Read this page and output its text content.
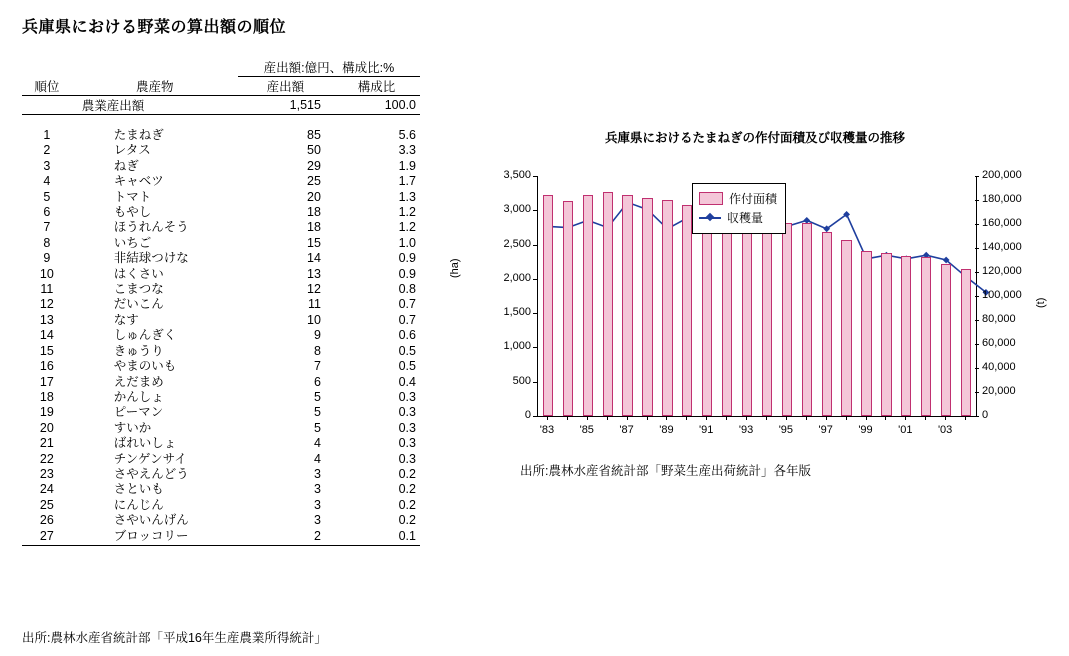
兵庫県における野菜の算出額の順位
		産出額:億円、構成比:%	
順位	農産物	産出額	構成比
	農業産出額	1,515	100.0

1	たまねぎ	85	5.6
2	レタス	50	3.3
3	ねぎ	29	1.9
4	キャベツ	25	1.7
5	トマト	20	1.3
6	もやし	18	1.2
7	ほうれんそう	18	1.2
8	いちご	15	1.0
9	非結球つけな	14	0.9
10	はくさい	13	0.9
11	こまつな	12	0.8
12	だいこん	11	0.7
13	なす	10	0.7
14	しゅんぎく	9	0.6
15	きゅうり	8	0.5
16	やまのいも	7	0.5
17	えだまめ	6	0.4
18	かんしょ	5	0.3
19	ピーマン	5	0.3
20	すいか	5	0.3
21	ばれいしょ	4	0.3
22	チンゲンサイ	4	0.3
23	さやえんどう	3	0.2
24	さといも	3	0.2
25	にんじん	3	0.2
26	さやいんげん	3	0.2
27	ブロッコリー	2	0.1
出所:農林水産省統計部「平成16年生産農業所得統計」
兵庫県におけるたまねぎの作付面積及び収穫量の推移
(ha)
(t)
作付面積
収穫量
0
500
1,000
1,500
2,000
2,500
3,000
3,500
0
20,000
40,000
60,000
80,000
100,000
120,000
140,000
160,000
180,000
200,000
'83	'85	'87	'89	'91	'93	'95	'97	'99	'01	'03
出所:農林水産省統計部「野菜生産出荷統計」各年版
